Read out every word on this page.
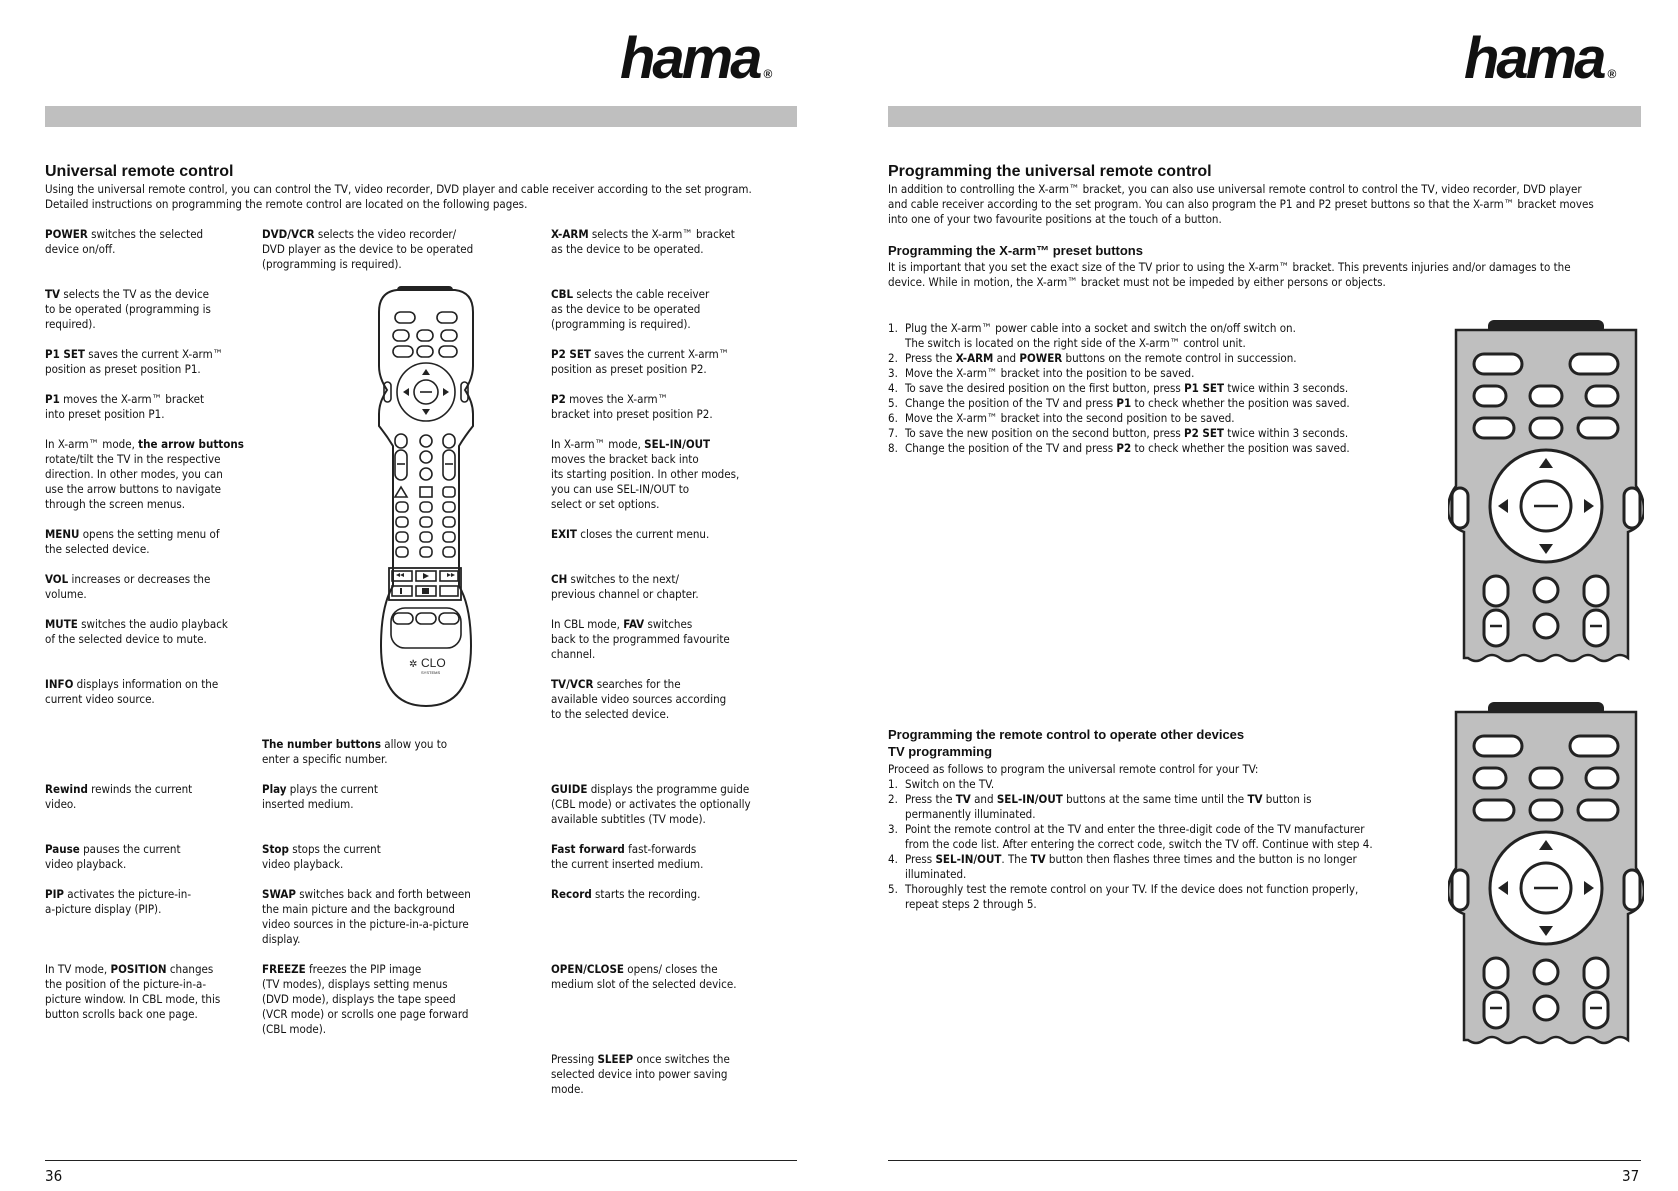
hama ®
Universal remote control
Using the universal remote control, you can control the TV, video recorder, DVD player and cable receiver according to the set program.
Detailed instructions on programming the remote control are located on the following pages.
POWER switches the selected
device on/off.
DVD/VCR selects the video recorder/
DVD player as the device to be operated
(programming is required).
X-ARM selects the X-arm™ bracket
as the device to be operated.
TV selects the TV as the device
to be operated (programming is
required).
CBL selects the cable receiver
as the device to be operated
(programming is required).
P1 SET saves the current X-arm™
position as preset position P1.
P2 SET saves the current X-arm™
position as preset position P2.
P1 moves the X-arm™ bracket
into preset position P1.
P2 moves the X-arm™
bracket into preset position P2.
In X-arm™ mode, the arrow buttons
rotate/tilt the TV in the respective
direction. In other modes, you can
use the arrow buttons to navigate
through the screen menus.
In X-arm™ mode, SEL-IN/OUT
moves the bracket back into
its starting position. In other modes,
you can use SEL-IN/OUT to
select or set options.
MENU opens the setting menu of
the selected device.
EXIT closes the current menu.
VOL increases or decreases the
volume.
CH switches to the next/
previous channel or chapter.
MUTE switches the audio playback
of the selected device to mute.
In CBL mode, FAV switches
back to the programmed favourite
channel.
INFO displays information on the
current video source.
TV/VCR searches for the
available video sources according
to the selected device.
The number buttons allow you to
enter a specific number.
Rewind rewinds the current
video.
Play plays the current
inserted medium.
GUIDE displays the programme guide
(CBL mode) or activates the optionally
available subtitles (TV mode).
Pause pauses the current
video playback.
Stop stops the current
video playback.
Fast forward fast-forwards
the current inserted medium.
PIP activates the picture-in-
a-picture display (PIP).
SWAP switches back and forth between
the main picture and the background
video sources in the picture-in-a-picture
display.
Record starts the recording.
In TV mode, POSITION changes
the position of the picture-in-a-
picture window. In CBL mode, this
button scrolls back one page.
FREEZE freezes the PIP image
(TV modes), displays setting menus
(DVD mode), displays the tape speed
(VCR mode) or scrolls one page forward
(CBL mode).
OPEN/CLOSE opens/ closes the
medium slot of the selected device.
Pressing SLEEP once switches the
selected device into power saving
mode.
✲ CLO
SYSTEMS
36
hama ®
Programming the universal remote control
In addition to controlling the X-arm™ bracket, you can also use universal remote control to control the TV, video recorder, DVD player
and cable receiver according to the set program. You can also program the P1 and P2 preset buttons so that the X-arm™ bracket moves
into one of your two favourite positions at the touch of a button.
Programming the X-arm™ preset buttons
It is important that you set the exact size of the TV prior to using the X-arm™ bracket. This prevents injuries and/or damages to the
device. While in motion, the X-arm™ bracket must not be impeded by either persons or objects.
1. Plug the X-arm™ power cable into a socket and switch the on/off switch on.
The switch is located on the right side of the X-arm™ control unit.
2. Press the X-ARM and POWER buttons on the remote control in succession.
3. Move the X-arm™ bracket into the position to be saved.
4. To save the desired position on the first button, press P1 SET twice within 3 seconds.
5. Change the position of the TV and press P1 to check whether the position was saved.
6. Move the X-arm™ bracket into the second position to be saved.
7. To save the new position on the second button, press P2 SET twice within 3 seconds.
8. Change the position of the TV and press P2 to check whether the position was saved.
Programming the remote control to operate other devices
TV programming
Proceed as follows to program the universal remote control for your TV:
1. Switch on the TV.
2. Press the TV and SEL-IN/OUT buttons at the same time until the TV button is
permanently illuminated.
3. Point the remote control at the TV and enter the three-digit code of the TV manufacturer
from the code list. After entering the correct code, switch the TV off. Continue with step 4.
4. Press SEL-IN/OUT. The TV button then flashes three times and the button is no longer
illuminated.
5. Thoroughly test the remote control on your TV. If the device does not function properly,
repeat steps 2 through 5.
37
